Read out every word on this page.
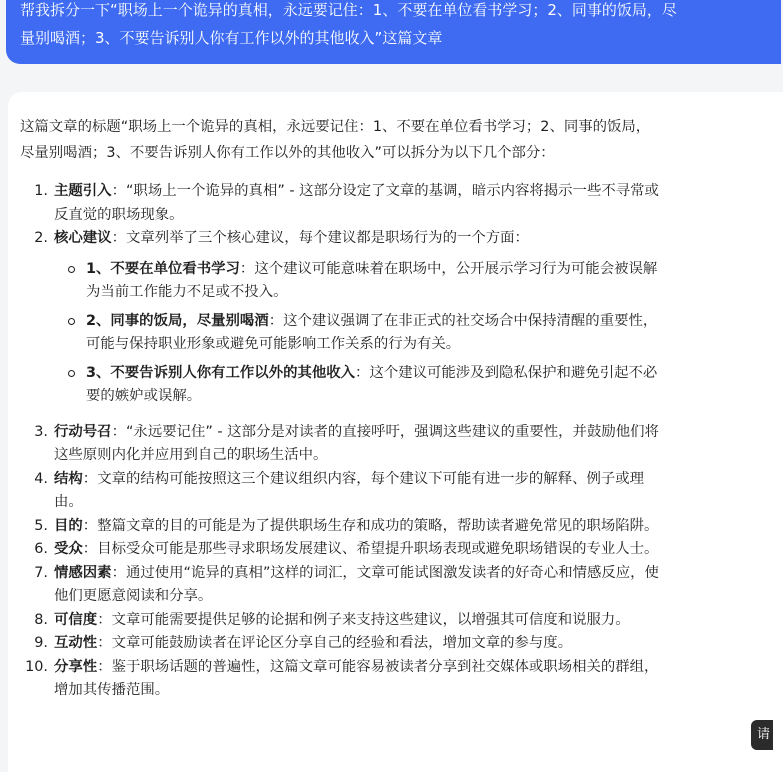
帮我拆分一下“职场上一个诡异的真相，永远要记住：1、不要在单位看书学习；2、同事的饭局，尽

量别喝酒；3、不要告诉别人你有工作以外的其他收入”这篇文章

这篇文章的标题“职场上一个诡异的真相，永远要记住：1、不要在单位看书学习；2、同事的饭局，
尽量别喝酒；3、不要告诉别人你有工作以外的其他收入”可以拆分为以下几个部分：

1. 主题引入：“职场上一个诡异的真相” - 这部分设定了文章的基调，暗示内容将揭示一些不寻常或
反直觉的职场现象。
2. 核心建议：文章列举了三个核心建议，每个建议都是职场行为的一个方面：
1、不要在单位看书学习：这个建议可能意味着在职场中，公开展示学习行为可能会被误解
为当前工作能力不足或不投入。
2、同事的饭局，尽量别喝酒：这个建议强调了在非正式的社交场合中保持清醒的重要性，
可能与保持职业形象或避免可能影响工作关系的行为有关。
3、不要告诉别人你有工作以外的其他收入：这个建议可能涉及到隐私保护和避免引起不必
要的嫉妒或误解。
3. 行动号召：“永远要记住” - 这部分是对读者的直接呼吁，强调这些建议的重要性，并鼓励他们将
这些原则内化并应用到自己的职场生活中。
4. 结构：文章的结构可能按照这三个建议组织内容，每个建议下可能有进一步的解释、例子或理
由。
5. 目的：整篇文章的目的可能是为了提供职场生存和成功的策略，帮助读者避免常见的职场陷阱。
6. 受众：目标受众可能是那些寻求职场发展建议、希望提升职场表现或避免职场错误的专业人士。
7. 情感因素：通过使用“诡异的真相”这样的词汇，文章可能试图激发读者的好奇心和情感反应，使
他们更愿意阅读和分享。
8. 可信度：文章可能需要提供足够的论据和例子来支持这些建议，以增强其可信度和说服力。
9. 互动性：文章可能鼓励读者在评论区分享自己的经验和看法，增加文章的参与度。
10. 分享性：鉴于职场话题的普遍性，这篇文章可能容易被读者分享到社交媒体或职场相关的群组，
增加其传播范围。
请
